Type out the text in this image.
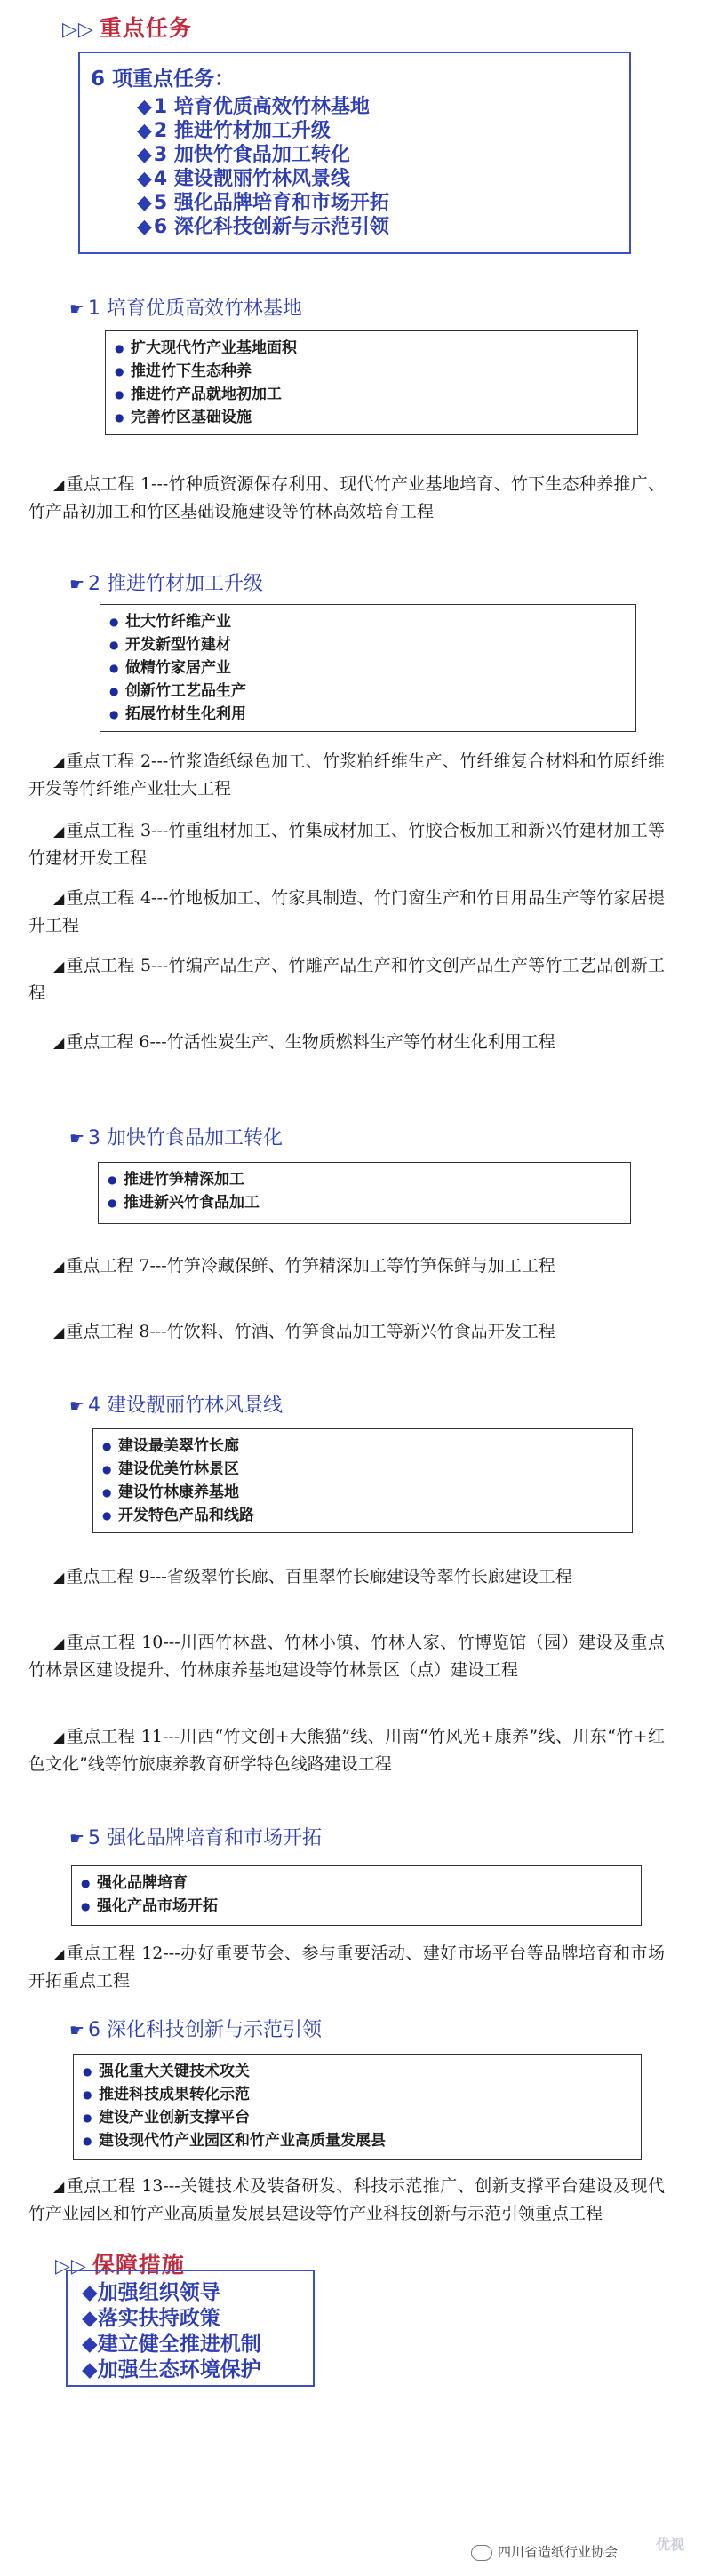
▷▷ 重点任务
6 项重点任务：
◆1 培育优质高效竹林基地
◆2 推进竹材加工升级
◆3 加快竹食品加工转化
◆4 建设靓丽竹林风景线
◆5 强化品牌培育和市场开拓
◆6 深化科技创新与示范引领
☛ 1 培育优质高效竹林基地
● 扩大现代竹产业基地面积
● 推进竹下生态种养
● 推进竹产品就地初加工
● 完善竹区基础设施
◢ 重点工程 1---竹种质资源保存利用、现代竹产业基地培育、竹下生态种养推广、竹产品初加工和竹区基础设施建设等竹林高效培育工程
☛ 2 推进竹材加工升级
● 壮大竹纤维产业
● 开发新型竹建材
● 做精竹家居产业
● 创新竹工艺品生产
● 拓展竹材生化利用
◢ 重点工程 2---竹浆造纸绿色加工、竹浆粕纤维生产、竹纤维复合材料和竹原纤维开发等竹纤维产业壮大工程
◢ 重点工程 3---竹重组材加工、竹集成材加工、竹胶合板加工和新兴竹建材加工等竹建材开发工程
◢ 重点工程 4---竹地板加工、竹家具制造、竹门窗生产和竹日用品生产等竹家居提升工程
◢ 重点工程 5---竹编产品生产、竹雕产品生产和竹文创产品生产等竹工艺品创新工程
◢ 重点工程 6---竹活性炭生产、生物质燃料生产等竹材生化利用工程
☛ 3 加快竹食品加工转化
● 推进竹笋精深加工
● 推进新兴竹食品加工
◢ 重点工程 7---竹笋冷藏保鲜、竹笋精深加工等竹笋保鲜与加工工程
◢ 重点工程 8---竹饮料、竹酒、竹笋食品加工等新兴竹食品开发工程
☛ 4 建设靓丽竹林风景线
● 建设最美翠竹长廊
● 建设优美竹林景区
● 建设竹林康养基地
● 开发特色产品和线路
◢ 重点工程 9---省级翠竹长廊、百里翠竹长廊建设等翠竹长廊建设工程
◢ 重点工程 10---川西竹林盘、竹林小镇、竹林人家、竹博览馆（园）建设及重点竹林景区建设提升、竹林康养基地建设等竹林景区（点）建设工程
◢ 重点工程 11---川西“竹文创+大熊猫”线、川南“竹风光+康养”线、川东“竹+红色文化”线等竹旅康养教育研学特色线路建设工程
☛ 5 强化品牌培育和市场开拓
● 强化品牌培育
● 强化产品市场开拓
◢ 重点工程 12---办好重要节会、参与重要活动、建好市场平台等品牌培育和市场开拓重点工程
☛ 6 深化科技创新与示范引领
● 强化重大关键技术攻关
● 推进科技成果转化示范
● 建设产业创新支撑平台
● 建设现代竹产业园区和竹产业高质量发展县
◢ 重点工程 13---关键技术及装备研发、科技示范推广、创新支撑平台建设及现代竹产业园区和竹产业高质量发展县建设等竹产业科技创新与示范引领重点工程
▷▷ 保障措施
◆加强组织领导
◆落实扶持政策
◆建立健全推进机制
◆加强生态环境保护
四川省造纸行业协会	优视
